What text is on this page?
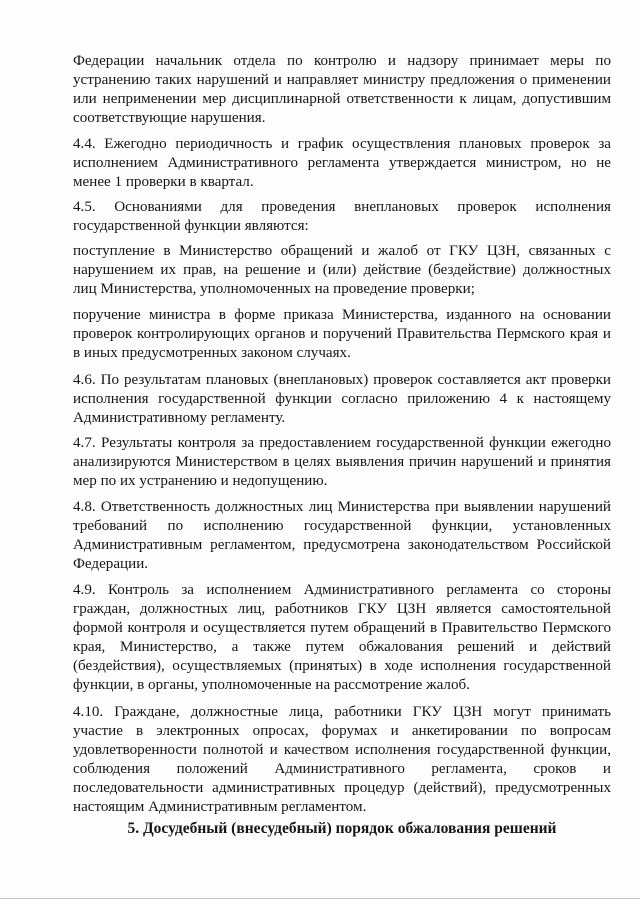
Федерации начальник отдела по контролю и надзору принимает меры по
устранению таких нарушений и направляет министру предложения о применении
или неприменении мер дисциплинарной ответственности к лицам, допустившим
соответствующие нарушения.
4.4. Ежегодно периодичность и график осуществления плановых проверок за
исполнением Административного регламента утверждается министром, но не
менее 1 проверки в квартал.
4.5. Основаниями для проведения внеплановых проверок исполнения
государственной функции являются:
поступление в Министерство обращений и жалоб от ГКУ ЦЗН, связанных с
нарушением их прав, на решение и (или) действие (бездействие) должностных
лиц Министерства, уполномоченных на проведение проверки;
поручение министра в форме приказа Министерства, изданного на основании
проверок контролирующих органов и поручений Правительства Пермского края и
в иных предусмотренных законом случаях.
4.6. По результатам плановых (внеплановых) проверок составляется акт проверки
исполнения государственной функции согласно приложению 4 к настоящему
Административному регламенту.
4.7. Результаты контроля за предоставлением государственной функции ежегодно
анализируются Министерством в целях выявления причин нарушений и принятия
мер по их устранению и недопущению.
4.8. Ответственность должностных лиц Министерства при выявлении нарушений
требований по исполнению государственной функции, установленных
Административным регламентом, предусмотрена законодательством Российской
Федерации.
4.9. Контроль за исполнением Административного регламента со стороны
граждан, должностных лиц, работников ГКУ ЦЗН является самостоятельной
формой контроля и осуществляется путем обращений в Правительство Пермского
края, Министерство, а также путем обжалования решений и действий
(бездействия), осуществляемых (принятых) в ходе исполнения государственной
функции, в органы, уполномоченные на рассмотрение жалоб.
4.10. Граждане, должностные лица, работники ГКУ ЦЗН могут принимать
участие в электронных опросах, форумах и анкетировании по вопросам
удовлетворенности полнотой и качеством исполнения государственной функции,
соблюдения положений Административного регламента, сроков и
последовательности административных процедур (действий), предусмотренных
настоящим Административным регламентом.
5. Досудебный (внесудебный) порядок обжалования решений
